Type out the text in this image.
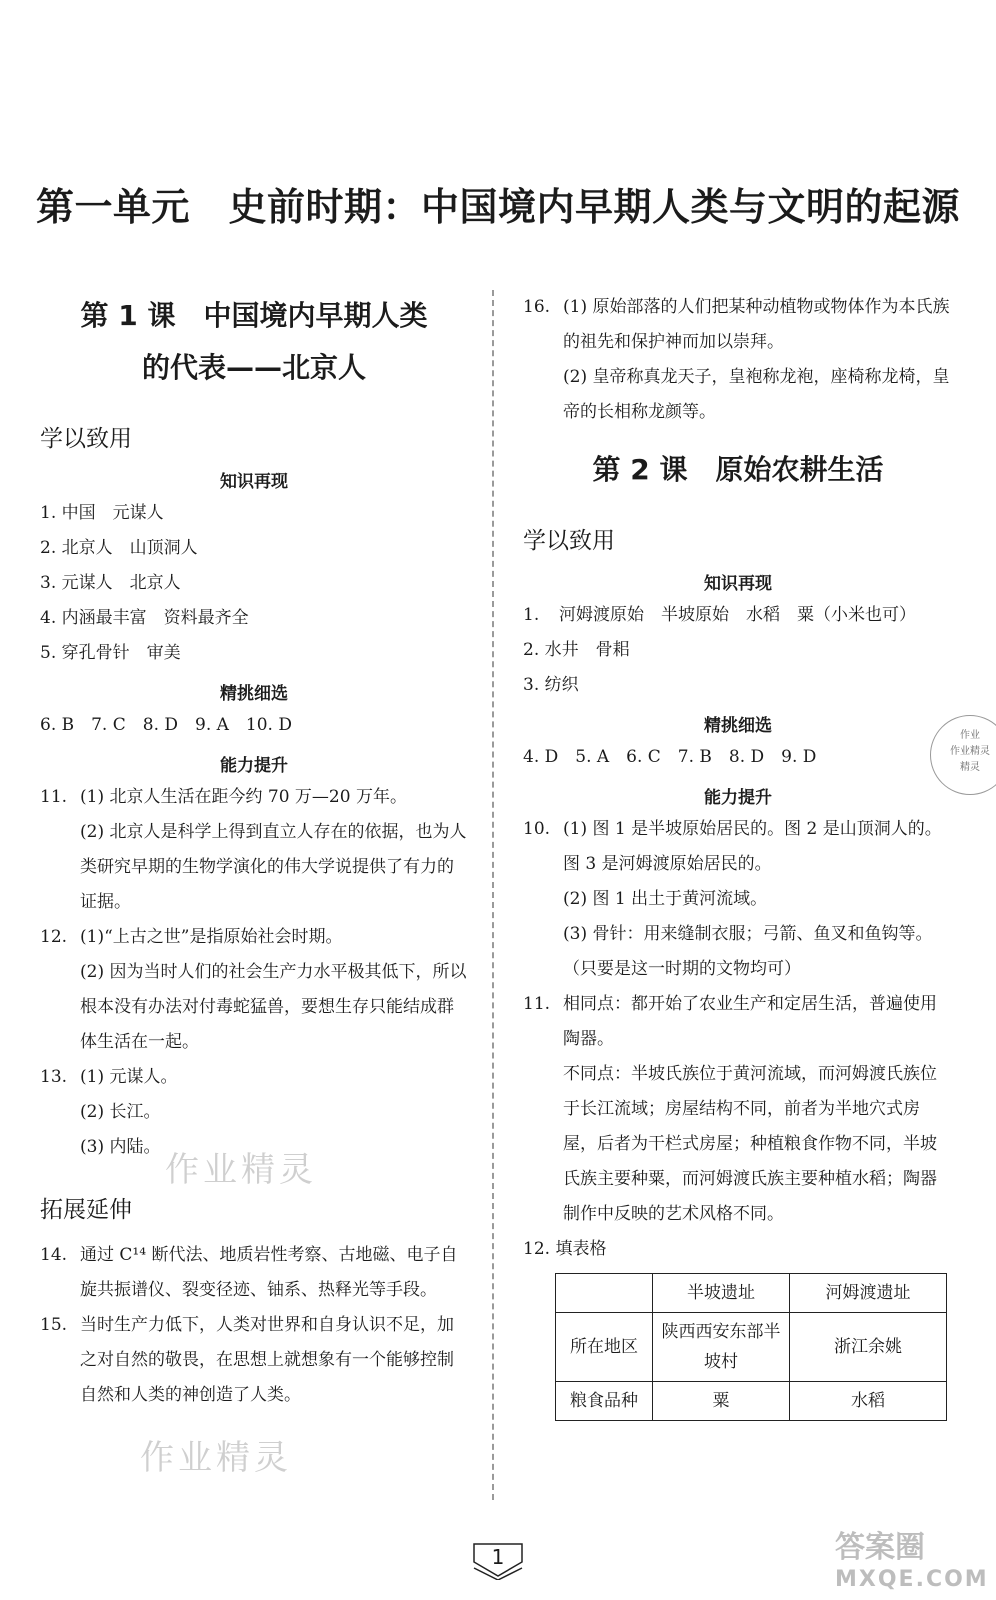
第一单元　史前时期：中国境内早期人类与文明的起源
第 1 课　中国境内早期人类
的代表——北京人
学以致用
知识再现
1. 中国　元谋人
2. 北京人　山顶洞人
3. 元谋人　北京人
4. 内涵最丰富　资料最齐全
5. 穿孔骨针　审美
精挑细选
6. B　7. C　8. D　9. A　10. D
能力提升
11. (1) 北京人生活在距今约 70 万—20 万年。

(2) 北京人是科学上得到直立人存在的依据，也为人类研究早期的生物学演化的伟大学说提供了有力的证据。

12. (1)“上古之世”是指原始社会时期。

(2) 因为当时人们的社会生产力水平极其低下，所以根本没有办法对付毒蛇猛兽，要想生存只能结成群体生活在一起。

13. (1) 元谋人。

(2) 长江。

(3) 内陆。

拓展延伸
14. 通过 C¹⁴ 断代法、地质岩性考察、古地磁、电子自旋共振谱仪、裂变径迹、铀系、热释光等手段。
15. 当时生产力低下，人类对世界和自身认识不足，加之对自然的敬畏，在思想上就想象有一个能够控制自然和人类的神创造了人类。
16. (1) 原始部落的人们把某种动植物或物体作为本氏族的祖先和保护神而加以崇拜。

(2) 皇帝称真龙天子，皇袍称龙袍，座椅称龙椅，皇帝的长相称龙颜等。

第 2 课　原始农耕生活
学以致用
知识再现
1.	河姆渡原始　半坡原始　水稻　粟（小米也可）
2. 水井　骨耜
3. 纺织
精挑细选
4. D　5. A　6. C　7. B　8. D　9. D
能力提升
10. (1) 图 1 是半坡原始居民的。图 2 是山顶洞人的。图 3 是河姆渡原始居民的。

(2) 图 1 出土于黄河流域。

(3) 骨针：用来缝制衣服；弓箭、鱼叉和鱼钩等。（只要是这一时期的文物均可）

11. 相同点：都开始了农业生产和定居生活，普遍使用陶器。

不同点：半坡氏族位于黄河流域，而河姆渡氏族位于长江流域；房屋结构不同，前者为半地穴式房屋，后者为干栏式房屋；种植粮食作物不同，半坡氏族主要种粟，而河姆渡氏族主要种植水稻；陶器制作中反映的艺术风格不同。

12. 填表格
	半坡遗址	河姆渡遗址
所在地区	陕西西安东部半坡村	浙江余姚
粮食品种	粟	水稻
作业精灵
作业精灵
作业
作业精灵
精灵
1	答案圈
MXQE.COM
